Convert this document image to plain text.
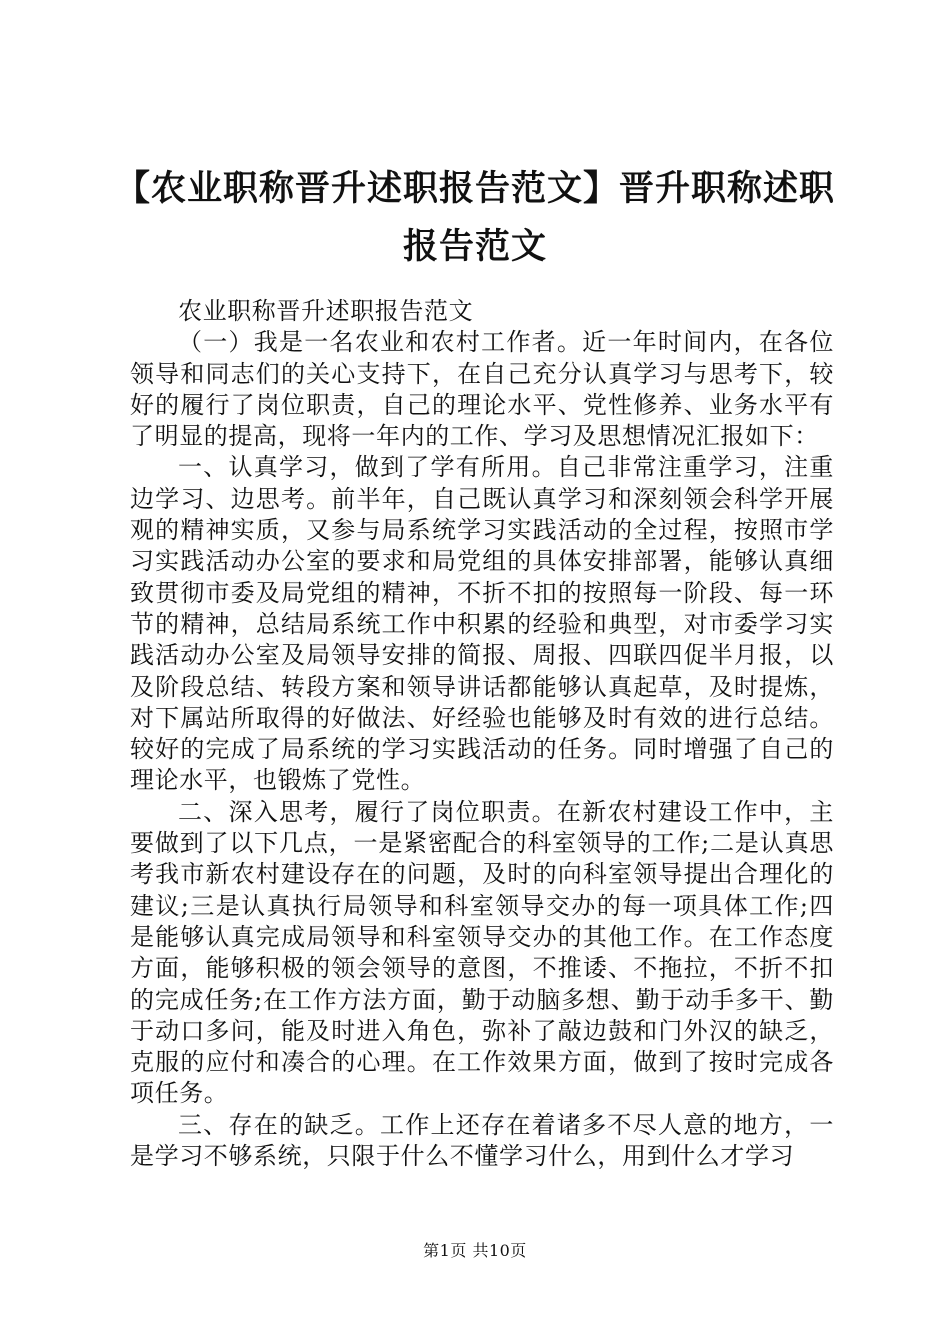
【农业职称晋升述职报告范文】晋升职称述职报告范文

农业职称晋升述职报告范文

（一）我是一名农业和农村工作者。近一年时间内，在各位领导和同志们的关心支持下，在自己充分认真学习与思考下，较好的履行了岗位职责，自己的理论水平、党性修养、业务水平有了明显的提高，现将一年内的工作、学习及思想情况汇报如下：

一、认真学习，做到了学有所用。自己非常注重学习，注重边学习、边思考。前半年，自己既认真学习和深刻领会科学开展观的精神实质，又参与局系统学习实践活动的全过程，按照市学习实践活动办公室的要求和局党组的具体安排部署，能够认真细致贯彻市委及局党组的精神，不折不扣的按照每一阶段、每一环节的精神，总结局系统工作中积累的经验和典型，对市委学习实践活动办公室及局领导安排的简报、周报、四联四促半月报，以及阶段总结、转段方案和领导讲话都能够认真起草，及时提炼，对下属站所取得的好做法、好经验也能够及时有效的进行总结。较好的完成了局系统的学习实践活动的任务。同时增强了自己的理论水平，也锻炼了党性。

二、深入思考，履行了岗位职责。在新农村建设工作中，主要做到了以下几点，一是紧密配合的科室领导的工作;二是认真思考我市新农村建设存在的问题，及时的向科室领导提出合理化的建议;三是认真执行局领导和科室领导交办的每一项具体工作;四是能够认真完成局领导和科室领导交办的其他工作。在工作态度方面，能够积极的领会领导的意图，不推诿、不拖拉，不折不扣的完成任务;在工作方法方面，勤于动脑多想、勤于动手多干、勤于动口多问，能及时进入角色，弥补了敲边鼓和门外汉的缺乏，克服的应付和凑合的心理。在工作效果方面，做到了按时完成各项任务。

三、存在的缺乏。工作上还存在着诸多不尽人意的地方，一是学习不够系统，只限于什么不懂学习什么，用到什么才学习

第1页 共10页
